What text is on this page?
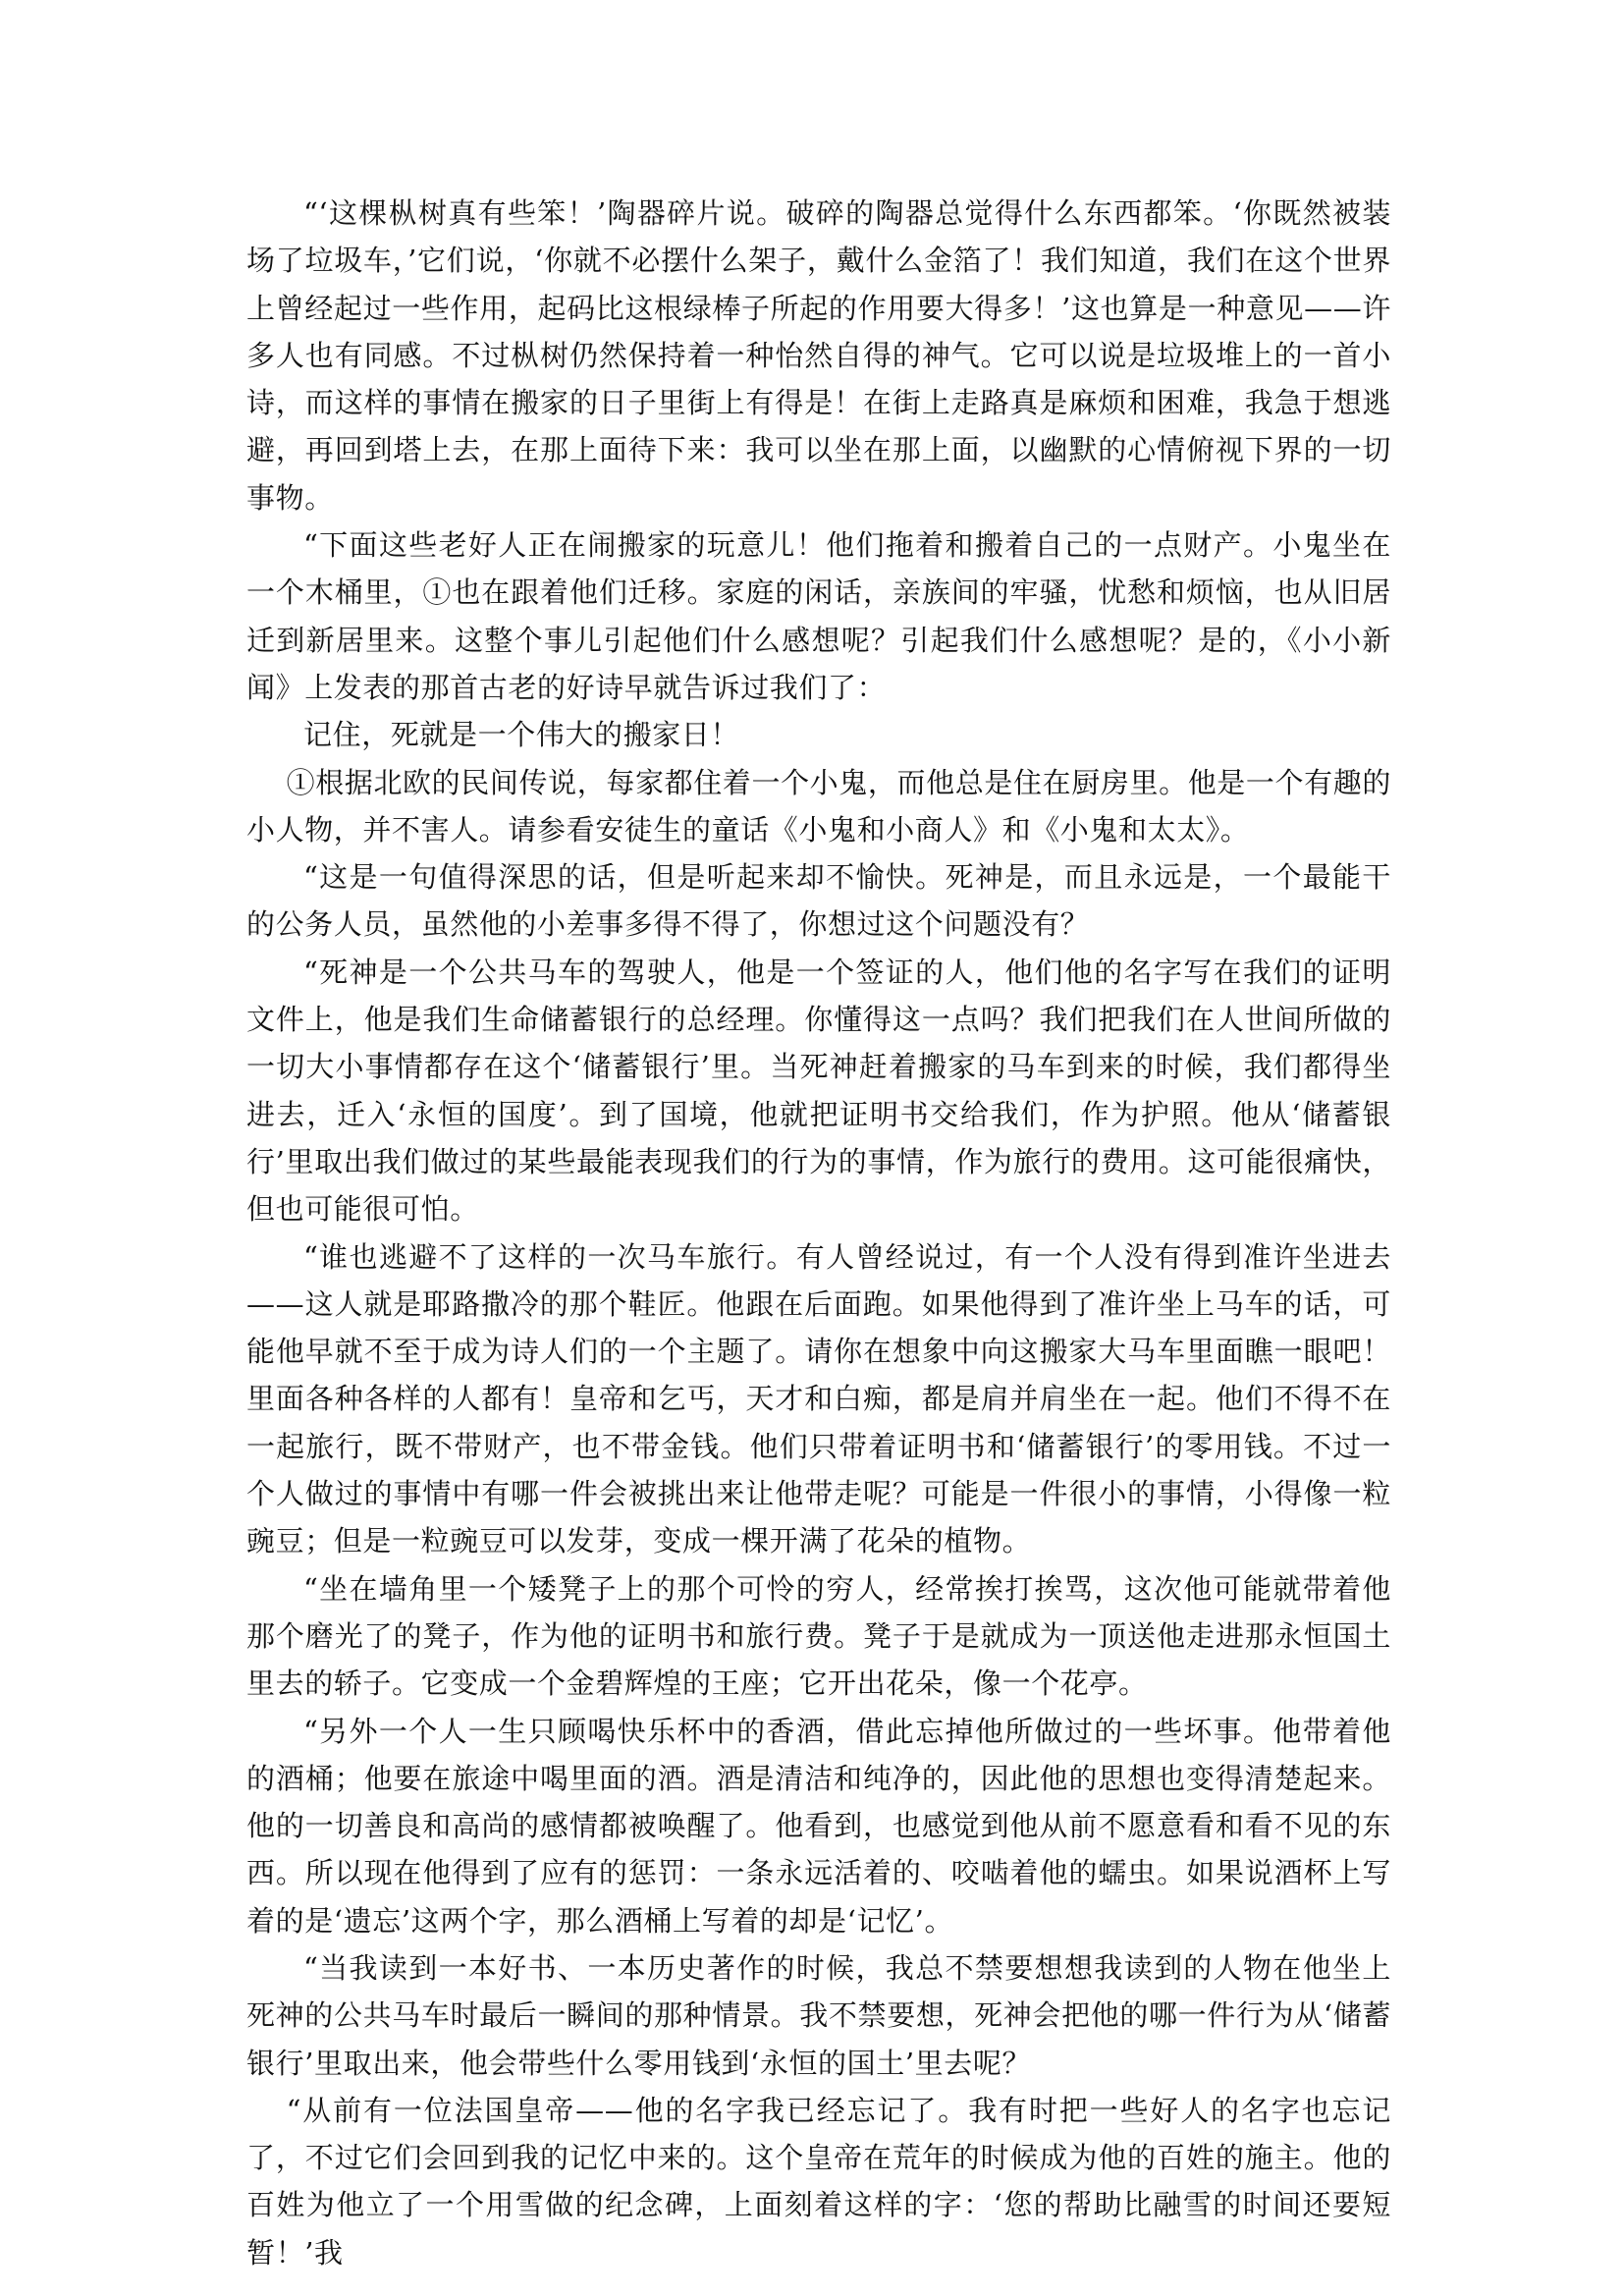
“‘这棵枞树真有些笨！’陶器碎片说。破碎的陶器总觉得什么东西都笨。‘你既然被装场了垃圾车，’它们说，‘你就不必摆什么架子，戴什么金箔了！我们知道，我们在这个世界上曾经起过一些作用，起码比这根绿棒子所起的作用要大得多！’这也算是一种意见——许多人也有同感。不过枞树仍然保持着一种怡然自得的神气。它可以说是垃圾堆上的一首小诗，而这样的事情在搬家的日子里街上有得是！在街上走路真是麻烦和困难，我急于想逃避，再回到塔上去，在那上面待下来：我可以坐在那上面，以幽默的心情俯视下界的一切事物。

“下面这些老好人正在闹搬家的玩意儿！他们拖着和搬着自己的一点财产。小鬼坐在一个木桶里，①也在跟着他们迁移。家庭的闲话，亲族间的牢骚，忧愁和烦恼，也从旧居迁到新居里来。这整个事儿引起他们什么感想呢？引起我们什么感想呢？是的，《小小新闻》上发表的那首古老的好诗早就告诉过我们了：

记住，死就是一个伟大的搬家日！

①根据北欧的民间传说，每家都住着一个小鬼，而他总是住在厨房里。他是一个有趣的小人物，并不害人。请参看安徒生的童话《小鬼和小商人》和《小鬼和太太》。

“这是一句值得深思的话，但是听起来却不愉快。死神是，而且永远是，一个最能干的公务人员，虽然他的小差事多得不得了，你想过这个问题没有？

“死神是一个公共马车的驾驶人，他是一个签证的人，他们他的名字写在我们的证明文件上，他是我们生命储蓄银行的总经理。你懂得这一点吗？我们把我们在人世间所做的一切大小事情都存在这个‘储蓄银行’里。当死神赶着搬家的马车到来的时候，我们都得坐进去，迁入‘永恒的国度’。到了国境，他就把证明书交给我们，作为护照。他从‘储蓄银行’里取出我们做过的某些最能表现我们的行为的事情，作为旅行的费用。这可能很痛快，但也可能很可怕。

“谁也逃避不了这样的一次马车旅行。有人曾经说过，有一个人没有得到准许坐进去——这人就是耶路撒冷的那个鞋匠。他跟在后面跑。如果他得到了准许坐上马车的话，可能他早就不至于成为诗人们的一个主题了。请你在想象中向这搬家大马车里面瞧一眼吧！里面各种各样的人都有！皇帝和乞丐，天才和白痴，都是肩并肩坐在一起。他们不得不在一起旅行，既不带财产，也不带金钱。他们只带着证明书和‘储蓄银行’的零用钱。不过一个人做过的事情中有哪一件会被挑出来让他带走呢？可能是一件很小的事情，小得像一粒豌豆；但是一粒豌豆可以发芽，变成一棵开满了花朵的植物。

“坐在墙角里一个矮凳子上的那个可怜的穷人，经常挨打挨骂，这次他可能就带着他那个磨光了的凳子，作为他的证明书和旅行费。凳子于是就成为一顶送他走进那永恒国土里去的轿子。它变成一个金碧辉煌的王座；它开出花朵，像一个花亭。

“另外一个人一生只顾喝快乐杯中的香酒，借此忘掉他所做过的一些坏事。他带着他的酒桶；他要在旅途中喝里面的酒。酒是清洁和纯净的，因此他的思想也变得清楚起来。他的一切善良和高尚的感情都被唤醒了。他看到，也感觉到他从前不愿意看和看不见的东西。所以现在他得到了应有的惩罚：一条永远活着的、咬啮着他的蠕虫。如果说酒杯上写着的是‘遗忘’这两个字，那么酒桶上写着的却是‘记忆’。

“当我读到一本好书、一本历史著作的时候，我总不禁要想想我读到的人物在他坐上死神的公共马车时最后一瞬间的那种情景。我不禁要想，死神会把他的哪一件行为从‘储蓄银行’里取出来，他会带些什么零用钱到‘永恒的国土’里去呢？

“从前有一位法国皇帝——他的名字我已经忘记了。我有时把一些好人的名字也忘记了，不过它们会回到我的记忆中来的。这个皇帝在荒年的时候成为他的百姓的施主。他的百姓为他立了一个用雪做的纪念碑，上面刻着这样的字：‘您的帮助比融雪的时间还要短暂！’我
